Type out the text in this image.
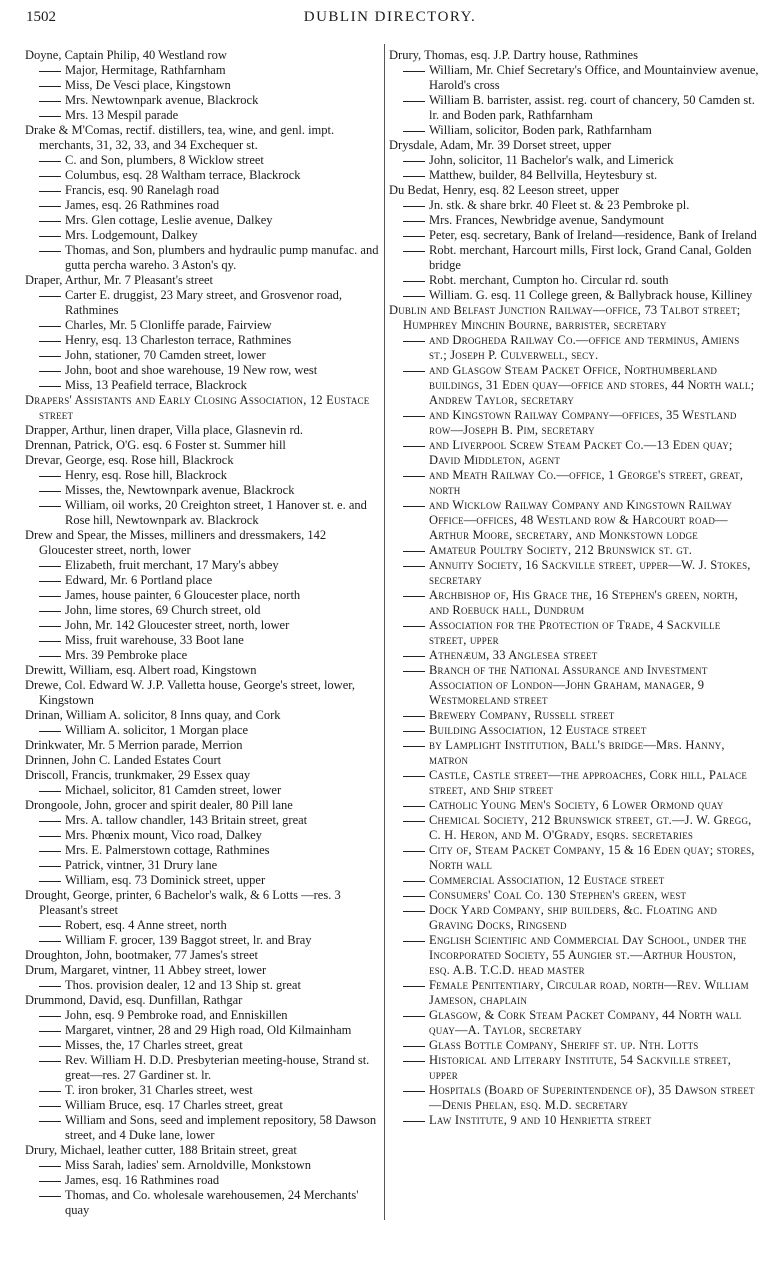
1502	DUBLIN DIRECTORY.
Doyne, Captain Philip, 40 Westland row
Major, Hermitage, Rathfarnham
Miss, De Vesci place, Kingstown
Mrs. Newtownpark avenue, Blackrock
Mrs. 13 Mespil parade
Drake & M'Comas, rectif. distillers, tea, wine, and genl. impt. merchants, 31, 32, 33, and 34 Exchequer st.
C. and Son, plumbers, 8 Wicklow street
Columbus, esq. 28 Waltham terrace, Blackrock
Francis, esq. 90 Ranelagh road
James, esq. 26 Rathmines road
Mrs. Glen cottage, Leslie avenue, Dalkey
Mrs. Lodgemount, Dalkey
Thomas, and Son, plumbers and hydraulic pump manufac. and gutta percha wareho. 3 Aston's qy.
Draper, Arthur, Mr. 7 Pleasant's street
Carter E. druggist, 23 Mary street, and Grosvenor road, Rathmines
Charles, Mr. 5 Clonliffe parade, Fairview
Henry, esq. 13 Charleston terrace, Rathmines
John, stationer, 70 Camden street, lower
John, boot and shoe warehouse, 19 New row, west
Miss, 13 Peafield terrace, Blackrock
Drapers' Assistants and Early Closing Association, 12 Eustace street
Drapper, Arthur, linen draper, Villa place, Glasnevin rd.
Drennan, Patrick, O'G. esq. 6 Foster st. Summer hill
Drevar, George, esq. Rose hill, Blackrock
Henry, esq. Rose hill, Blackrock
Misses, the, Newtownpark avenue, Blackrock
William, oil works, 20 Creighton street, 1 Hanover st. e. and Rose hill, Newtownpark av. Blackrock
Drew and Spear, the Misses, milliners and dressmakers, 142 Gloucester street, north, lower
Elizabeth, fruit merchant, 17 Mary's abbey
Edward, Mr. 6 Portland place
James, house painter, 6 Gloucester place, north
John, lime stores, 69 Church street, old
John, Mr. 142 Gloucester street, north, lower
Miss, fruit warehouse, 33 Boot lane
Mrs. 39 Pembroke place
Drewitt, William, esq. Albert road, Kingstown
Drewe, Col. Edward W. J.P. Valletta house, George's street, lower, Kingstown
Drinan, William A. solicitor, 8 Inns quay, and Cork
William A. solicitor, 1 Morgan place
Drinkwater, Mr. 5 Merrion parade, Merrion
Drinnen, John C. Landed Estates Court
Driscoll, Francis, trunkmaker, 29 Essex quay
Michael, solicitor, 81 Camden street, lower
Drongoole, John, grocer and spirit dealer, 80 Pill lane
Mrs. A. tallow chandler, 143 Britain street, great
Mrs. Phœnix mount, Vico road, Dalkey
Mrs. E. Palmerstown cottage, Rathmines
Patrick, vintner, 31 Drury lane
William, esq. 73 Dominick street, upper
Drought, George, printer, 6 Bachelor's walk, & 6 Lotts —res. 3 Pleasant's street
Robert, esq. 4 Anne street, north
William F. grocer, 139 Baggot street, lr. and Bray
Droughton, John, bootmaker, 77 James's street
Drum, Margaret, vintner, 11 Abbey street, lower
Thos. provision dealer, 12 and 13 Ship st. great
Drummond, David, esq. Dunfillan, Rathgar
John, esq. 9 Pembroke road, and Enniskillen
Margaret, vintner, 28 and 29 High road, Old Kilmainham
Misses, the, 17 Charles street, great
Rev. William H. D.D. Presbyterian meeting-house, Strand st. great—res. 27 Gardiner st. lr.
T. iron broker, 31 Charles street, west
William Bruce, esq. 17 Charles street, great
William and Sons, seed and implement repository, 58 Dawson street, and 4 Duke lane, lower
Drury, Michael, leather cutter, 188 Britain street, great
Miss Sarah, ladies' sem. Arnoldville, Monkstown
James, esq. 16 Rathmines road
Thomas, and Co. wholesale warehousemen, 24 Merchants' quay
Drury, Thomas, esq. J.P. Dartry house, Rathmines
William, Mr. Chief Secretary's Office, and Mountainview avenue, Harold's cross
William B. barrister, assist. reg. court of chancery, 50 Camden st. lr. and Boden park, Rathfarnham
William, solicitor, Boden park, Rathfarnham
Drysdale, Adam, Mr. 39 Dorset street, upper
John, solicitor, 11 Bachelor's walk, and Limerick
Matthew, builder, 84 Bellvilla, Heytesbury st.
Du Bedat, Henry, esq. 82 Leeson street, upper
Jn. stk. & share brkr. 40 Fleet st. & 23 Pembroke pl.
Mrs. Frances, Newbridge avenue, Sandymount
Peter, esq. secretary, Bank of Ireland—residence, Bank of Ireland
Robt. merchant, Harcourt mills, First lock, Grand Canal, Golden bridge
Robt. merchant, Cumpton ho. Circular rd. south
William. G. esq. 11 College green, & Ballybrack house, Killiney
Dublin and Belfast Junction Railway—office, 73 Talbot street; Humphrey Minchin Bourne, barrister, secretary
and Drogheda Railway Co.—office and terminus, Amiens st.; Joseph P. Culverwell, secy.
and Glasgow Steam Packet Office, Northumberland buildings, 31 Eden quay—office and stores, 44 North wall; Andrew Taylor, secretary
and Kingstown Railway Company—offices, 35 Westland row—Joseph B. Pim, secretary
and Liverpool Screw Steam Packet Co.—13 Eden quay; David Middleton, agent
and Meath Railway Co.—office, 1 George's street, great, north
and Wicklow Railway Company and Kingstown Railway Office—offices, 48 Westland row & Harcourt road—Arthur Moore, secretary, and Monkstown lodge
Amateur Poultry Society, 212 Brunswick st. gt.
Annuity Society, 16 Sackville street, upper—W. J. Stokes, secretary
Archbishop of, His Grace the, 16 Stephen's green, north, and Roebuck hall, Dundrum
Association for the Protection of Trade, 4 Sackville street, upper
Athenæum, 33 Anglesea street
Branch of the National Assurance and Investment Association of London—John Graham, manager, 9 Westmoreland street
Brewery Company, Russell street
Building Association, 12 Eustace street
by Lamplight Institution, Ball's bridge—Mrs. Hanny, matron
Castle, Castle street—the approaches, Cork hill, Palace street, and Ship street
Catholic Young Men's Society, 6 Lower Ormond quay
Chemical Society, 212 Brunswick street, gt.—J. W. Gregg, C. H. Heron, and M. O'Grady, esqrs. secretaries
City of, Steam Packet Company, 15 & 16 Eden quay; stores, North wall
Commercial Association, 12 Eustace street
Consumers' Coal Co. 130 Stephen's green, west
Dock Yard Company, ship builders, &c. Floating and Graving Docks, Ringsend
English Scientific and Commercial Day School, under the Incorporated Society, 55 Aungier st.—Arthur Houston, esq. A.B. T.C.D. head master
Female Penitentiary, Circular road, north—Rev. William Jameson, chaplain
Glasgow, & Cork Steam Packet Company, 44 North wall quay—A. Taylor, secretary
Glass Bottle Company, Sheriff st. up. Nth. Lotts
Historical and Literary Institute, 54 Sackville street, upper
Hospitals (Board of Superintendence of), 35 Dawson street—Denis Phelan, esq. M.D. secretary
Law Institute, 9 and 10 Henrietta street
